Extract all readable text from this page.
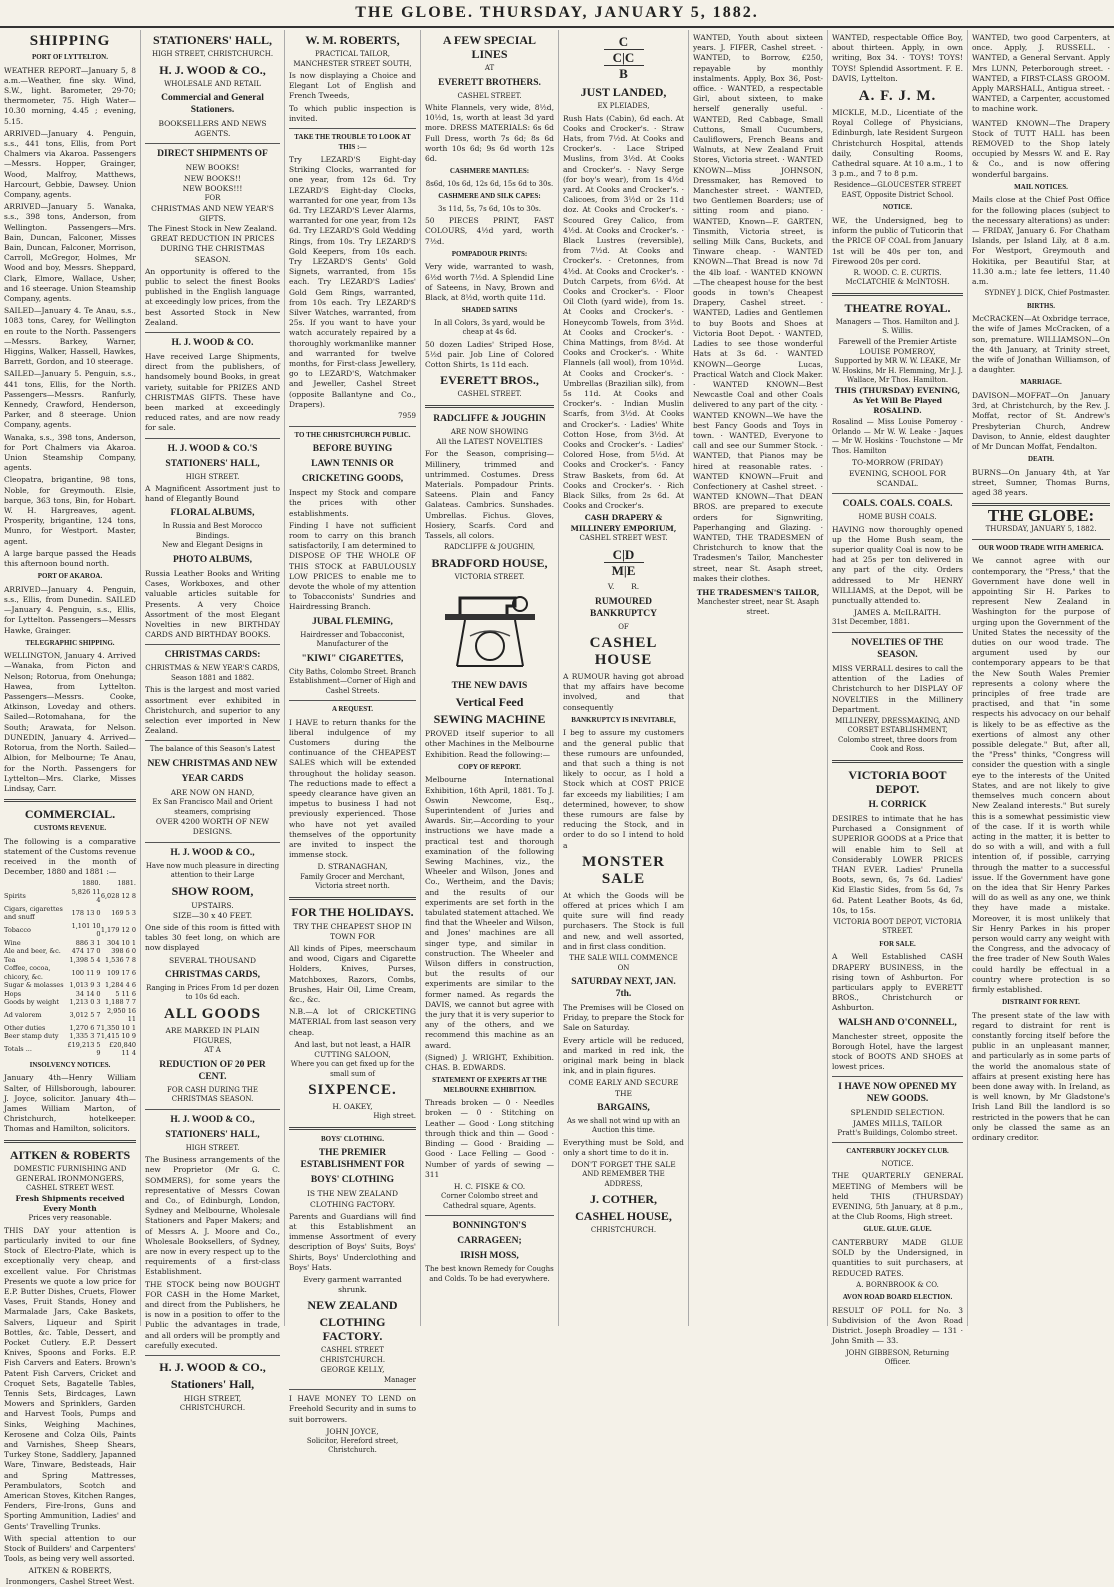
THE GLOBE. THURSDAY, JANUARY 5, 1882.
SHIPPING
PORT OF LYTTELTON.

WEATHER REPORT—January 5, 8 a.m.—Weather, fine sky. Wind, S.W., light. Barometer, 29-70; thermometer, 75. High Water—10.30 morning, 4.45 ; evening, 5.15.

ARRIVED—January 4. Penguin, s.s., 441 tons, Ellis, from Port Chalmers via Akaroa. Passengers—Messrs. Hopper, Grainger, Wood, Malfroy, Matthews, Harcourt, Gebbie, Dawsey. Union Company, agents.

ARRIVED—January 5. Wanaka, s.s., 398 tons, Anderson, from Wellington. Passengers—Mrs. Bain, Duncan, Falconer, Misses Bain, Duncan, Falconer, Morrison, Carroll, McGregor, Holmes, Mr Wood and boy, Messrs. Sheppard, Clark, Elmore, Wallace, Usher, and 16 steerage. Union Steamship Company, agents.

SAILED—January 4. Te Anau, s.s., 1083 tons, Carey, for Wellington en route to the North. Passengers—Messrs. Barkey, Warner, Higgins, Walker, Hassell, Hawkes, Barrett, Gordon, and 10 steerage.

SAILED—January 5. Penguin, s.s., 441 tons, Ellis, for the North. Passengers—Messrs. Ranfurly, Kennedy, Crawford, Henderson, Parker, and 8 steerage. Union Company, agents.

Wanaka, s.s., 398 tons, Anderson, for Port Chalmers via Akaroa. Union Steamship Company, agents.

Cleopatra, brigantine, 98 tons, Noble, for Greymouth. Elsie, barque, 363 tons, Bin, for Hobart. W. H. Hargreaves, agent. Prosperity, brigantine, 124 tons, Munro, for Westport. Master, agent.

A large barque passed the Heads this afternoon bound north.

PORT OF AKAROA.

ARRIVED—January 4. Penguin, s.s., Ellis, from Dunedin. SAILED—January 4. Penguin, s.s., Ellis, for Lyttelton. Passengers—Messrs Hawke, Grainger.

TELEGRAPHIC SHIPPING.

WELLINGTON, January 4. Arrived—Wanaka, from Picton and Nelson; Rotorua, from Onehunga; Hawea, from Lyttelton. Passengers—Messrs. Cooke, Atkinson, Loveday and others. Sailed—Rotomahana, for the South; Arawata, for Nelson. DUNEDIN, January 4. Arrived—Rotorua, from the North. Sailed—Albion, for Melbourne; Te Anau, for the North. Passengers for Lyttelton—Mrs. Clarke, Misses Lindsay, Carr.

COMMERCIAL.
CUSTOMS REVENUE.

The following is a comparative statement of the Customs revenue received in the month of December, 1880 and 1881 :—

	1880.	1881.
Spirits	5,826 11 4	6,028 12 8
Cigars, cigarettes and snuff	178 13 0	169 5 3
Tobacco	1,101 10 0	1,179 12 0
Wine	886 3 1	304 10 1
Ale and beer, &c.	474 17 0	398 6 0
Tea	1,398 5 4	1,536 7 8
Coffee, cocoa, chicory, &c.	100 11 9	109 17 6
Sugar & molasses	1,013 9 3	1,284 4 6
Hops	34 14 0	5 11 6
Goods by weight	1,213 0 3	1,188 7 7
Ad valorem	3,012 5 7	2,950 16 11
Other duties	1,270 6 7	1,350 10 1
Beer stamp duty	1,335 3 7	1,415 10 9
Totals ...	£19,213 5 9	£20,840 11 4
INSOLVENCY NOTICES.

January 4th—Henry William Salter, of Hillsborough, labourer. J. Joyce, solicitor. January 4th—James William Marton, of Christchurch, hotelkeeper. Thomas and Hamilton, solicitors.

AITKEN & ROBERTS
DOMESTIC FURNISHING AND
GENERAL IRONMONGERS,
CASHEL STREET WEST.
Fresh Shipments received Every Month
Prices very reasonable.

THIS DAY your attention is particularly invited to our fine Stock of Electro-Plate, which is exceptionally very cheap, and excellent value. For Christmas Presents we quote a low price for E.P. Butter Dishes, Cruets, Flower Vases, Fruit Stands, Honey and Marmalade Jars, Cake Baskets, Salvers, Liqueur and Spirit Bottles, &c. Table, Dessert, and Pocket Cutlery. E.P. Dessert Knives, Spoons and Forks. E.P. Fish Carvers and Eaters. Brown's Patent Fish Carvers, Cricket and Croquet Sets, Bagatelle Tables, Tennis Sets, Birdcages, Lawn Mowers and Sprinklers, Garden and Harvest Tools, Pumps and Sinks, Weighing Machines, Kerosene and Colza Oils, Paints and Varnishes, Sheep Shears, Turkey Stone, Saddlery, Japanned Ware, Tinware, Bedsteads, Hair and Spring Mattresses, Perambulators, Scotch and American Stoves, Kitchen Ranges, Fenders, Fire-Irons, Guns and Sporting Ammunition, Ladies' and Gents' Travelling Trunks.

With special attention to our Stock of Builders' and Carpenters' Tools, as being very well assorted.

AITKEN & ROBERTS, Ironmongers, Cashel Street West.
STATIONERS' HALL,
HIGH STREET, CHRISTCHURCH.
H. J. WOOD & CO.,
WHOLESALE AND RETAIL
Commercial and General Stationers.
BOOKSELLERS AND NEWS AGENTS.
DIRECT SHIPMENTS OF
NEW BOOKS!
NEW BOOKS!!
NEW BOOKS!!!
FOR
CHRISTMAS AND NEW YEAR'S GIFTS.
The Finest Stock in New Zealand.
GREAT REDUCTION IN PRICES DURING THE CHRISTMAS SEASON.

An opportunity is offered to the public to select the finest Books published in the English language at exceedingly low prices, from the best Assorted Stock in New Zealand.

H. J. WOOD & CO.

Have received Large Shipments, direct from the publishers, of handsomely bound Books, in great variety, suitable for PRIZES AND CHRISTMAS GIFTS. These have been marked at exceedingly reduced rates, and are now ready for sale.

H. J. WOOD & CO.'S
STATIONERS' HALL,
HIGH STREET.

A Magnificent Assortment just to hand of Elegantly Bound

FLORAL ALBUMS,
In Russia and Best Morocco Bindings.
New and Elegant Designs in
PHOTO ALBUMS,

Russia Leather Books and Writing Cases, Workboxes, and other valuable articles suitable for Presents. A very Choice Assortment of the most Elegant Novelties in new BIRTHDAY CARDS AND BIRTHDAY BOOKS.

CHRISTMAS CARDS:
CHRISTMAS & NEW YEAR'S CARDS, Season 1881 and 1882.

This is the largest and most varied assortment ever exhibited in Christchurch, and superior to any selection ever imported in New Zealand.

The balance of this Season's Latest
NEW CHRISTMAS AND NEW
YEAR CARDS
ARE NOW ON HAND,
Ex San Francisco Mail and Orient steamers, comprising
OVER 4200 WORTH OF NEW DESIGNS.
H. J. WOOD & CO.,
Have now much pleasure in directing attention to their Large
SHOW ROOM,
UPSTAIRS.
SIZE—30 x 40 FEET.

One side of this room is fitted with tables 30 feet long, on which are now displayed

SEVERAL THOUSAND
CHRISTMAS CARDS,
Ranging in Prices From 1d per dozen to 10s 6d each.
ALL GOODS
ARE MARKED IN PLAIN FIGURES,
AT A
REDUCTION OF 20 PER CENT.
FOR CASH DURING THE CHRISTMAS SEASON.
H. J. WOOD & CO.,
STATIONERS' HALL,
HIGH STREET.

The Business arrangements of the new Proprietor (Mr G. C. SOMMERS), for some years the representative of Messrs Cowan and Co., of Edinburgh, London, Sydney and Melbourne, Wholesale Stationers and Paper Makers; and of Messrs A. J. Moore and Co., Wholesale Booksellers, of Sydney, are now in every respect up to the requirements of a first-class Establishment.

THE STOCK being now BOUGHT FOR CASH in the Home Market, and direct from the Publishers, he is now in a position to offer to the Public the advantages in trade, and all orders will be promptly and carefully executed.

H. J. WOOD & CO.,
Stationers' Hall,
HIGH STREET,
CHRISTCHURCH.
W. M. ROBERTS,
PRACTICAL TAILOR,
MANCHESTER STREET SOUTH,

Is now displaying a Choice and Elegant Lot of English and French Tweeds,

To which public inspection is invited.

TAKE THE TROUBLE TO LOOK AT THIS :—

Try LEZARD'S Eight-day Striking Clocks, warranted for one year, from 12s 6d. Try LEZARD'S Eight-day Clocks, warranted for one year, from 13s 6d. Try LEZARD'S Lever Alarms, warranted for one year, from 12s 6d. Try LEZARD'S Gold Wedding Rings, from 10s. Try LEZARD'S Gold Keepers, from 10s each. Try LEZARD'S Gents' Gold Signets, warranted, from 15s each. Try LEZARD'S Ladies' Gold Gem Rings, warranted, from 10s each. Try LEZARD'S Silver Watches, warranted, from 25s. If you want to have your watch accurately repaired by a thoroughly workmanlike manner and warranted for twelve months, for First-class Jewellery, go to LEZARD'S, Watchmaker and Jeweller, Cashel Street (opposite Ballantyne and Co., Drapers).

7959
TO THE CHRISTCHURCH PUBLIC.
BEFORE BUYING
LAWN TENNIS OR
CRICKETING GOODS,

Inspect my Stock and compare the prices with other establishments.

Finding I have not sufficient room to carry on this branch satisfactorily, I am determined to DISPOSE OF THE WHOLE OF THIS STOCK at FABULOUSLY LOW PRICES to enable me to devote the whole of my attention to Tobacconists' Sundries and Hairdressing Branch.

JUBAL FLEMING,
Hairdresser and Tobacconist, Manufacturer of the
"KIWI" CIGARETTES,
City Baths, Colombo Street. Branch Establishment—Corner of High and Cashel Streets.
A REQUEST.

I HAVE to return thanks for the liberal indulgence of my Customers during the continuance of the CHEAPEST SALES which will be extended throughout the holiday season. The reductions made to effect a speedy clearance have given an impetus to business I had not previously experienced. Those who have not yet availed themselves of the opportunity are invited to inspect the immense stock.

D. STRANAGHAN,
Family Grocer and Merchant, Victoria street north.
FOR THE HOLIDAYS.
TRY THE CHEAPEST SHOP IN TOWN FOR

All kinds of Pipes, meerschaum and wood, Cigars and Cigarette Holders, Knives, Purses, Matchboxes, Razors, Combs, Brushes, Hair Oil, Lime Cream, &c., &c.

N.B.—A lot of CRICKETING MATERIAL from last season very cheap.

And last, but not least, a HAIR CUTTING SALOON,
Where you can get fixed up for the small sum of
SIXPENCE.
H. OAKEY,
High street.
BOYS' CLOTHING.
THE PREMIER ESTABLISHMENT FOR
BOYS' CLOTHING
IS THE NEW ZEALAND CLOTHING FACTORY.

Parents and Guardians will find at this Establishment an immense Assortment of every description of Boys' Suits, Boys' Shirts, Boys' Underclothing and Boys' Hats.

Every garment warranted shrunk.
NEW ZEALAND
CLOTHING FACTORY.
CASHEL STREET CHRISTCHURCH.
GEORGE KELLY,
Manager

I HAVE MONEY TO LEND on Freehold Security and in sums to suit borrowers.

JOHN JOYCE,
Solicitor, Hereford street, Christchurch.
A FEW SPECIAL LINES
AT
EVERETT BROTHERS.
CASHEL STREET.

White Flannels, very wide, 8½d, 10½d, 1s, worth at least 3d yard more. DRESS MATERIALS: 6s 6d Full Dress, worth 7s 6d; 8s 6d worth 10s 6d; 9s 6d worth 12s 6d.

CASHMERE MANTLES:
8s6d, 10s 6d, 12s 6d, 15s 6d to 30s.
CASHMERE AND SILK CAPES:
3s 11d, 5s, 7s 6d, 10s to 30s.

50 PIECES PRINT, FAST COLOURS, 4½d yard, worth 7½d.

POMPADOUR PRINTS:

Very wide, warranted to wash, 6½d worth 7½d. A Splendid Line of Sateens, in Navy, Brown and Black, at 8½d, worth quite 11d.

SHADED SATINS
In all Colors, 3s yard, would be cheap at 4s 6d.

50 dozen Ladies' Striped Hose, 5½d pair. Job Line of Colored Cotton Shirts, 1s 11d each.

EVERETT BROS.,
CASHEL STREET.
RADCLIFFE & JOUGHIN
ARE NOW SHOWING
All the LATEST NOVELTIES

For the Season, comprising— Millinery, trimmed and untrimmed. Costumes. Dress Materials. Pompadour Prints. Sateens. Plain and Fancy Galateas. Cambrics. Sunshades. Umbrellas. Fichus. Gloves, Hosiery, Scarfs. Cord and Tassels, all colors.

RADCLIFFE & JOUGHIN,
BRADFORD HOUSE,
VICTORIA STREET.
THE NEW DAVIS
Vertical Feed
SEWING MACHINE

PROVED itself superior to all other Machines in the Melbourne Exhibition. Read the following:—

COPY OF REPORT.

Melbourne International Exhibition, 16th April, 1881. To J. Oswin Newcome, Esq., Superintendent of Juries and Awards. Sir,—According to your instructions we have made a practical test and thorough examination of the following Sewing Machines, viz., the Wheeler and Wilson, Jones and Co., Wertheim, and the Davis; and the results of our experiments are set forth in the tabulated statement attached. We find that the Wheeler and Wilson, and Jones' machines are all singer type, and similar in construction. The Wheeler and Wilson differs in construction, but the results of our experiments are similar to the former named. As regards the DAVIS, we cannot but agree with the jury that it is very superior to any of the others, and we recommend this machine as an award.

(Signed) J. WRIGHT, Exhibition. CHAS. B. EDWARDS.

STATEMENT OF EXPERTS AT THE MELBOURNE EXHIBITION.

Threads broken — 0 · Needles broken — 0 · Stitching on Leather — Good · Long stitching through thick and thin — Good · Binding — Good · Braiding — Good · Lace Felling — Good · Number of yards of sewing — 311

H. C. FISKE & CO.
Corner Colombo street and Cathedral square, Agents.
BONNINGTON'S
CARRAGEEN;
IRISH MOSS,
The best known Remedy for Coughs and Colds. To be had everywhere.
C
C|C
B
JUST LANDED,
EX PLEIADES,

Rush Hats (Cabin), 6d each. At Cooks and Crocker's. · Straw Hats, from 7½d. At Cooks and Crocker's. · Lace Striped Muslins, from 3½d. At Cooks and Crocker's. · Navy Serge (for boy's wear), from 1s 4½d yard. At Cooks and Crocker's. · Calicoes, from 3½d or 2s 11d doz. At Cooks and Crocker's. · Scoured Grey Calico, from 4½d. At Cooks and Crocker's. · Black Lustres (reversible), from 7½d. At Cooks and Crocker's. · Cretonnes, from 4½d. At Cooks and Crocker's. · Dutch Carpets, from 6½d. At Cooks and Crocker's. · Floor Oil Cloth (yard wide), from 1s. At Cooks and Crocker's. · Honeycomb Towels, from 3½d. At Cooks and Crocker's. · China Mattings, from 8½d. At Cooks and Crocker's. · White Flannels (all wool), from 10½d. At Cooks and Crocker's. · Umbrellas (Brazilian silk), from 5s 11d. At Cooks and Crocker's. · Indian Muslin Scarfs, from 3½d. At Cooks and Crocker's. · Ladies' White Cotton Hose, from 3½d. At Cooks and Crocker's. · Ladies' Colored Hose, from 5½d. At Cooks and Crocker's. · Fancy Straw Baskets, from 6d. At Cooks and Crocker's. · Rich Black Silks, from 2s 6d. At Cooks and Crocker's.

CASH DRAPERY & MILLINERY EMPORIUM,
CASHEL STREET WEST.
C|D
M|E
V. R.
RUMOURED BANKRUPTCY
OF
CASHEL HOUSE

A RUMOUR having got abroad that my affairs have become involved, and that consequently

BANKRUPTCY IS INEVITABLE,

I beg to assure my customers and the general public that these rumours are unfounded, and that such a thing is not likely to occur, as I hold a Stock which at COST PRICE far exceeds my liabilities; I am determined, however, to show these rumours are false by reducing the Stock, and in order to do so I intend to hold a

MONSTER SALE

At which the Goods will be offered at prices which I am quite sure will find ready purchasers. The Stock is full and new, and well assorted, and in first class condition.

THE SALE WILL COMMENCE ON
SATURDAY NEXT, JAN. 7th.

The Premises will be Closed on Friday, to prepare the Stock for Sale on Saturday.

Every article will be reduced, and marked in red ink, the original mark being in black ink, and in plain figures.

COME EARLY AND SECURE THE
BARGAINS,
As we shall not wind up with an Auction this time.

Everything must be Sold, and only a short time to do it in.

DON'T FORGET THE SALE
AND REMEMBER THE ADDRESS,
J. COTHER,
CASHEL HOUSE,
CHRISTCHURCH.

WANTED, Youth about sixteen years. J. FIFER, Cashel street. · WANTED, to Borrow, £250, repayable by monthly instalments. Apply, Box 36, Post-office. · WANTED, a respectable Girl, about sixteen, to make herself generally useful. · WANTED, Red Cabbage, Small Cuttons, Small Cucumbers, Cauliflowers, French Beans and Walnuts, at New Zealand Fruit Stores, Victoria street. · WANTED KNOWN—Miss JOHNSON, Dressmaker, has Removed to Manchester street. · WANTED, two Gentlemen Boarders; use of sitting room and piano. · WANTED, Known—F. GARTEN, Tinsmith, Victoria street, is selling Milk Cans, Buckets, and Tinware cheap. · WANTED KNOWN—That Bread is now 7d the 4lb loaf. · WANTED KNOWN—The cheapest house for the best goods in town's Cheapest Drapery, Cashel street. · WANTED, Ladies and Gentlemen to buy Boots and Shoes at Victoria Boot Depot. · WANTED, Ladies to see those wonderful Hats at 3s 6d. · WANTED KNOWN—George Lucas, Practical Watch and Clock Maker. · WANTED KNOWN—Best Newcastle Coal and other Coals delivered to any part of the city. · WANTED KNOWN—We have the best Fancy Goods and Toys in town. · WANTED, Everyone to call and see our Summer Stock. · WANTED, that Pianos may be hired at reasonable rates. · WANTED KNOWN—Fruit and Confectionery at Cashel street. · WANTED KNOWN—That DEAN BROS. are prepared to execute orders for Signwriting, Paperhanging and Glazing. · WANTED, THE TRADESMEN of Christchurch to know that the Tradesmen's Tailor, Manchester street, near St. Asaph street, makes their clothes.

THE TRADESMEN'S TAILOR,
Manchester street, near St. Asaph street.

WANTED, respectable Office Boy, about thirteen. Apply, in own writing, Box 34. · TOYS! TOYS! TOYS! Splendid Assortment. F. E. DAVIS, Lyttelton.

A. F. J. M.

MICKLE, M.D., Licentiate of the Royal College of Physicians, Edinburgh, late Resident Surgeon Christchurch Hospital, attends daily, Consulting Rooms, Cathedral square. At 10 a.m., 1 to 3 p.m., and 7 to 8 p.m.

Residence—GLOUCESTER STREET EAST, Opposite District School.
NOTICE.

WE, the Undersigned, beg to inform the public of Tuticorin that the PRICE OF COAL from January 1st will be 40s per ton, and Firewood 20s per cord.

R. WOOD. C. E. CURTIS. McCLATCHIE & McINTOSH.
THEATRE ROYAL.
Managers — Thos. Hamilton and J. S. Willis.
Farewell of the Premier Artiste LOUISE POMEROY,
Supported by MR W. W. LEAKE, Mr W. Hoskins, Mr H. Flemming, Mr J. J. Wallace, Mr Thos. Hamilton.
THIS (THURSDAY) EVENING, As Yet Will Be Played ROSALIND.

Rosalind — Miss Louise Pomeroy · Orlando — Mr W. W. Leake · Jaques — Mr W. Hoskins · Touchstone — Mr Thos. Hamilton

TO-MORROW (FRIDAY) EVENING, SCHOOL FOR SCANDAL.
COALS. COALS. COALS.
HOME BUSH COALS.

HAVING now thoroughly opened up the Home Bush seam, the superior quality Coal is now to be had at 25s per ton delivered in any part of the city. Orders addressed to Mr HENRY WILLIAMS, at the Depot, will be punctually attended to.

JAMES A. McILRAITH.
31st December, 1881.
NOVELTIES OF THE SEASON.

MISS VERRALL desires to call the attention of the Ladies of Christchurch to her DISPLAY OF NOVELTIES in the Millinery Department.

MILLINERY, DRESSMAKING, AND CORSET ESTABLISHMENT,
Colombo street, three doors from Cook and Ross.
VICTORIA BOOT DEPOT.
H. CORRICK

DESIRES to intimate that he has Purchased a Consignment of SUPERIOR GOODS at a Price that will enable him to Sell at Considerably LOWER PRICES THAN EVER. Ladies' Prunella Boots, sewn, 6s, 7s 6d. Ladies' Kid Elastic Sides, from 5s 6d, 7s 6d. Patent Leather Boots, 4s 6d, 10s, to 15s.

VICTORIA BOOT DEPOT, VICTORIA STREET.
FOR SALE.

A Well Established CASH DRAPERY BUSINESS, in the rising town of Ashburton. For particulars apply to EVERETT BROS., Christchurch or Ashburton.

WALSH AND O'CONNELL,

Manchester street, opposite the Borough Hotel, have the largest stock of BOOTS AND SHOES at lowest prices.

I HAVE NOW OPENED MY NEW GOODS.
SPLENDID SELECTION.
JAMES MILLS, TAILOR
Pratt's Buildings, Colombo street.
CANTERBURY JOCKEY CLUB.
NOTICE.

THE QUARTERLY GENERAL MEETING of Members will be held THIS (THURSDAY) EVENING, 5th January, at 8 p.m., at the Club Rooms, High street.

GLUE. GLUE. GLUE.

CANTERBURY MADE GLUE SOLD by the Undersigned, in quantities to suit purchasers, at REDUCED RATES.

A. BORNBROOK & CO.
AVON ROAD BOARD ELECTION.

RESULT OF POLL for No. 3 Subdivision of the Avon Road District. Joseph Broadley — 131 · John Smith — 33.

JOHN GIBBESON, Returning Officer.

WANTED, two good Carpenters, at once. Apply, J. RUSSELL. · WANTED, a General Servant. Apply Mrs LUNN, Peterborough street. · WANTED, a FIRST-CLASS GROOM. Apply MARSHALL, Antigua street. · WANTED, a Carpenter, accustomed to machine work.

WANTED KNOWN—The Drapery Stock of TUTT HALL has been REMOVED to the Shop lately occupied by Messrs W. and E. Ray & Co., and is now offering wonderful bargains.

MAIL NOTICES.

Mails close at the Chief Post Office for the following places (subject to the necessary alterations) as under:— FRIDAY, January 6. For Chatham Islands, per Island Lily, at 8 a.m. For Westport, Greymouth and Hokitika, per Beautiful Star, at 11.30 a.m.; late fee letters, 11.40 a.m.

SYDNEY J. DICK, Chief Postmaster.
BIRTHS.

McCRACKEN—At Oxbridge terrace, the wife of James McCracken, of a son, premature. WILLIAMSON—On the 4th January, at Trinity street, the wife of Jonathan Williamson, of a daughter.

MARRIAGE.

DAVISON—MOFFAT—On January 3rd, at Christchurch, by the Rev. J. Moffat, rector of St. Andrew's Presbyterian Church, Andrew Davison, to Annie, eldest daughter of Mr Duncan Moffat, Fendalton.

DEATH.

BURNS—On January 4th, at Yar street, Sumner, Thomas Burns, aged 38 years.

THE GLOBE:
THURSDAY, JANUARY 5, 1882.
OUR WOOD TRADE WITH AMERICA.

We cannot agree with our contemporary, the "Press," that the Government have done well in appointing Sir H. Parkes to represent New Zealand in Washington for the purpose of urging upon the Government of the United States the necessity of the duties on our wood trade. The argument used by our contemporary appears to be that the New South Wales Premier represents a colony where the principles of free trade are practised, and that "in some respects his advocacy on our behalf is likely to be as effective as the exertions of almost any other possible delegate." But, after all, the "Press" thinks, "Congress will consider the question with a single eye to the interests of the United States, and are not likely to give themselves much concern about New Zealand interests." But surely this is a somewhat pessimistic view of the case. If it is worth while acting in the matter, it is better to do so with a will, and with a full intention of, if possible, carrying through the matter to a successful issue. If the Government have gone on the idea that Sir Henry Parkes will do as well as any one, we think they have made a mistake. Moreover, it is most unlikely that Sir Henry Parkes in his proper person would carry any weight with the Congress, and the advocacy of the free trader of New South Wales could hardly be effectual in a country where protection is so firmly established.

DISTRAINT FOR RENT.

The present state of the law with regard to distraint for rent is constantly forcing itself before the public in an unpleasant manner, and particularly as in some parts of the world the anomalous state of affairs at present existing here has been done away with. In Ireland, as is well known, by Mr Gladstone's Irish Land Bill the landlord is so restricted in the powers that he can only be classed the same as an ordinary creditor.
